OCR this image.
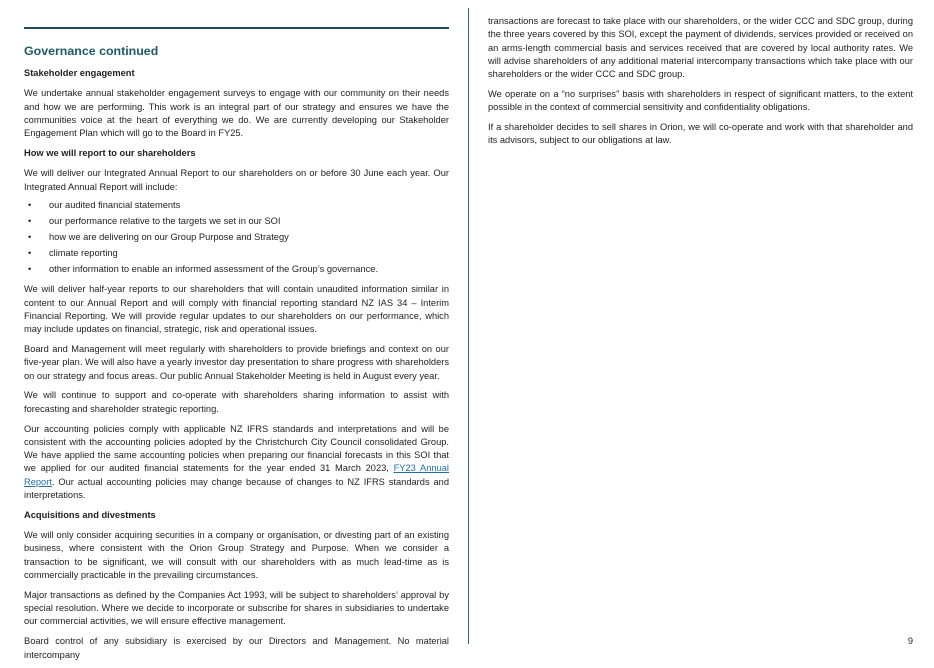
Governance continued
Stakeholder engagement

We undertake annual stakeholder engagement surveys to engage with our community on their needs and how we are performing. This work is an integral part of our strategy and ensures we have the communities voice at the heart of everything we do. We are currently developing our Stakeholder Engagement Plan which will go to the Board in FY25.

How we will report to our shareholders

We will deliver our Integrated Annual Report to our shareholders on or before 30 June each year. Our Integrated Annual Report will include:

• our audited financial statements
• our performance relative to the targets we set in our SOI
• how we are delivering on our Group Purpose and Strategy
• climate reporting
• other information to enable an informed assessment of the Group’s governance.

We will deliver half-year reports to our shareholders that will contain unaudited information similar in content to our Annual Report and will comply with financial reporting standard NZ IAS 34 – Interim Financial Reporting. We will provide regular updates to our shareholders on our performance, which may include updates on financial, strategic, risk and operational issues.

Board and Management will meet regularly with shareholders to provide briefings and context on our five-year plan. We will also have a yearly investor day presentation to share progress with shareholders on our strategy and focus areas. Our public Annual Stakeholder Meeting is held in August every year.

We will continue to support and co-operate with shareholders sharing information to assist with forecasting and shareholder strategic reporting.

Our accounting policies comply with applicable NZ IFRS standards and interpretations and will be consistent with the accounting policies adopted by the Christchurch City Council consolidated Group. We have applied the same accounting policies when preparing our financial forecasts in this SOI that we applied for our audited financial statements for the year ended 31 March 2023, FY23 Annual Report. Our actual accounting policies may change because of changes to NZ IFRS standards and interpretations.

Acquisitions and divestments

We will only consider acquiring securities in a company or organisation, or divesting part of an existing business, where consistent with the Orion Group Strategy and Purpose. When we consider a transaction to be significant, we will consult with our shareholders with as much lead-time as is commercially practicable in the prevailing circumstances.

Major transactions as defined by the Companies Act 1993, will be subject to shareholders’ approval by special resolution. Where we decide to incorporate or subscribe for shares in subsidiaries to undertake our commercial activities, we will ensure effective management.

Board control of any subsidiary is exercised by our Directors and Management. No material intercompany

transactions are forecast to take place with our shareholders, or the wider CCC and SDC group, during the three years covered by this SOI, except the payment of dividends, services provided or received on an arms-length commercial basis and services received that are covered by local authority rates. We will advise shareholders of any additional material intercompany transactions which take place with our shareholders or the wider CCC and SDC group.

We operate on a “no surprises” basis with shareholders in respect of significant matters, to the extent possible in the context of commercial sensitivity and confidentiality obligations.

If a shareholder decides to sell shares in Orion, we will co-operate and work with that shareholder and its advisors, subject to our obligations at law.

9
